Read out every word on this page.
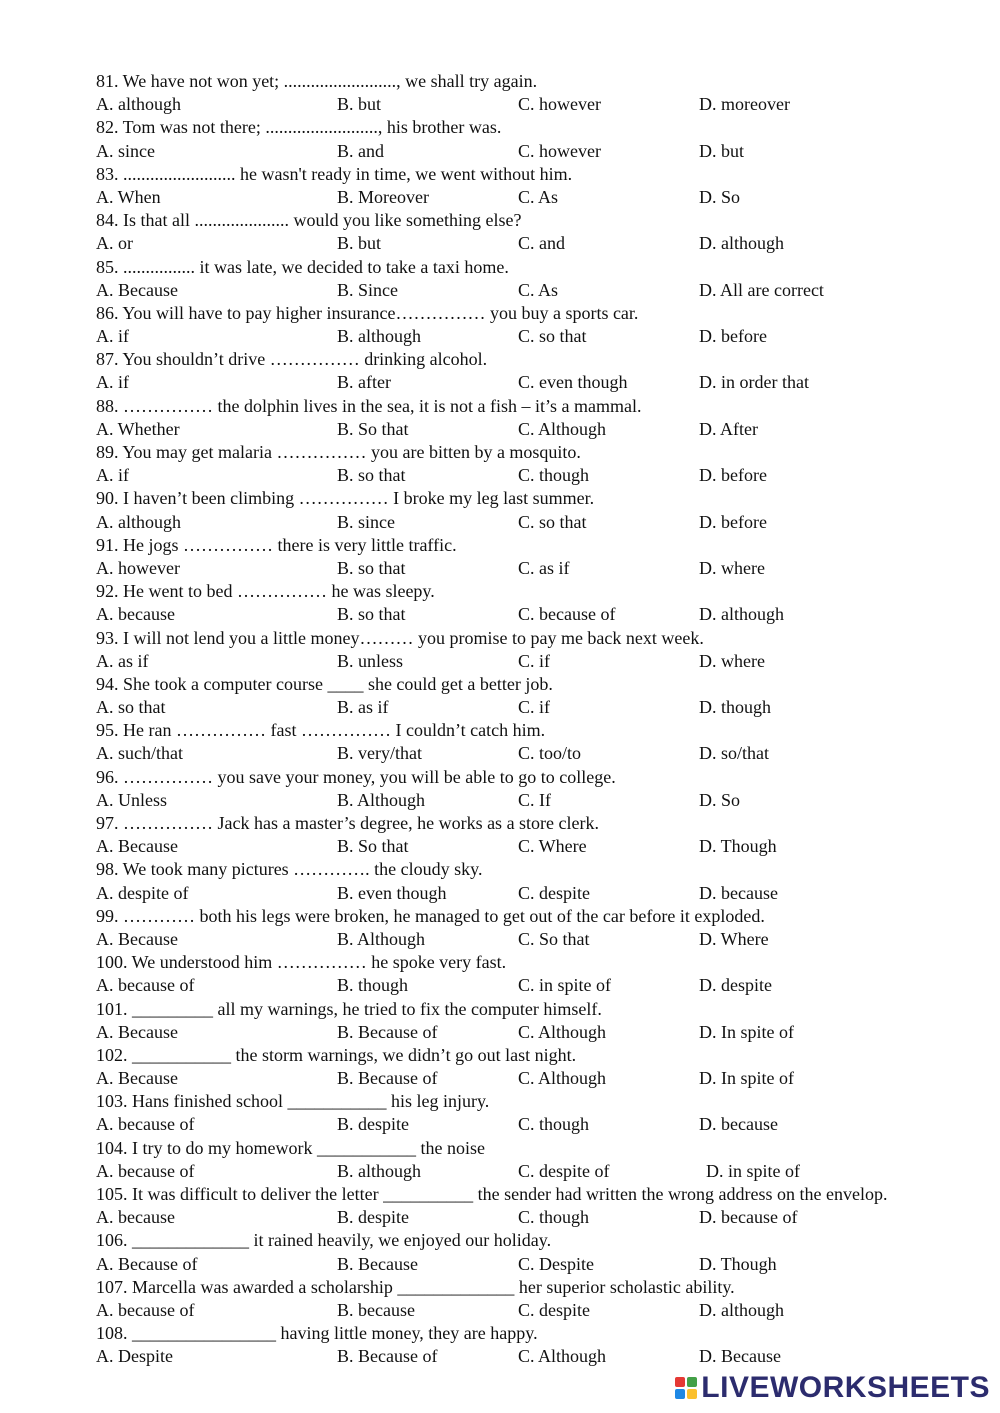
81. We have not won yet; ........................., we shall try again.
A. although	B. but	C. however	D. moreover
82. Tom was not there; ........................., his brother was.
A. since	B. and	C. however	D. but
83. ......................... he wasn't ready in time, we went without him.
A. When	B. Moreover	C. As	D. So
84. Is that all ..................... would you like something else?
A. or	B. but	C. and	D. although
85. ................ it was late, we decided to take a taxi home.
A. Because	B. Since	C. As	D. All are correct
86. You will have to pay higher insurance…………… you buy a sports car.
A. if	B. although	C. so that	D. before
87. You shouldn’t drive …………… drinking alcohol.
A. if	B. after	C. even though	D. in order that
88. …………… the dolphin lives in the sea, it is not a fish – it’s a mammal.
A. Whether	B. So that	C. Although	D. After
89. You may get malaria …………… you are bitten by a mosquito.
A. if	B. so that	C. though	D. before
90. I haven’t been climbing …………… I broke my leg last summer.
A. although	B. since	C. so that	D. before
91. He jogs …………… there is very little traffic.
A. however	B. so that	C. as if	D. where
92. He went to bed …………… he was sleepy.
A. because	B. so that	C. because of	D. although
93. I will not lend you a little money……… you promise to pay me back next week.
A. as if	B. unless	C. if	D. where
94. She took a computer course ____ she could get a better job.
A. so that	B. as if	C. if	D. though
95. He ran …………… fast …………… I couldn’t catch him.
A. such/that	B. very/that	C. too/to	D. so/that
96. …………… you save your money, you will be able to go to college.
A. Unless	B. Although	C. If	D. So
97. …………… Jack has a master’s degree, he works as a store clerk.
A. Because	B. So that	C. Where	D. Though
98. We took many pictures …………. the cloudy sky.
A. despite of	B. even though	C. despite	D. because
99. ………… both his legs were broken, he managed to get out of the car before it exploded.
A. Because	B. Although	C. So that	D. Where
100. We understood him …………… he spoke very fast.
A. because of	B. though	C. in spite of	D. despite
101. _________ all my warnings, he tried to fix the computer himself.
A. Because	B. Because of	C. Although	D. In spite of
102. ___________ the storm warnings, we didn’t go out last night.
A. Because	B. Because of	C. Although	D. In spite of
103. Hans finished school ___________ his leg injury.
A. because of	B. despite	C. though	D. because
104. I try to do my homework ___________ the noise
A. because of	B. although	C. despite of	D. in spite of
105. It was difficult to deliver the letter __________ the sender had written the wrong address on the envelop.
A. because	B. despite	C. though	D. because of
106. _____________ it rained heavily, we enjoyed our holiday.
A. Because of	B. Because	C. Despite	D. Though
107. Marcella was awarded a scholarship _____________ her superior scholastic ability.
A. because of	B. because	C. despite	D. although
108. ________________ having little money, they are happy.
A. Despite	B. Because of	C. Although	D. Because
LIVEWORKSHEETS
